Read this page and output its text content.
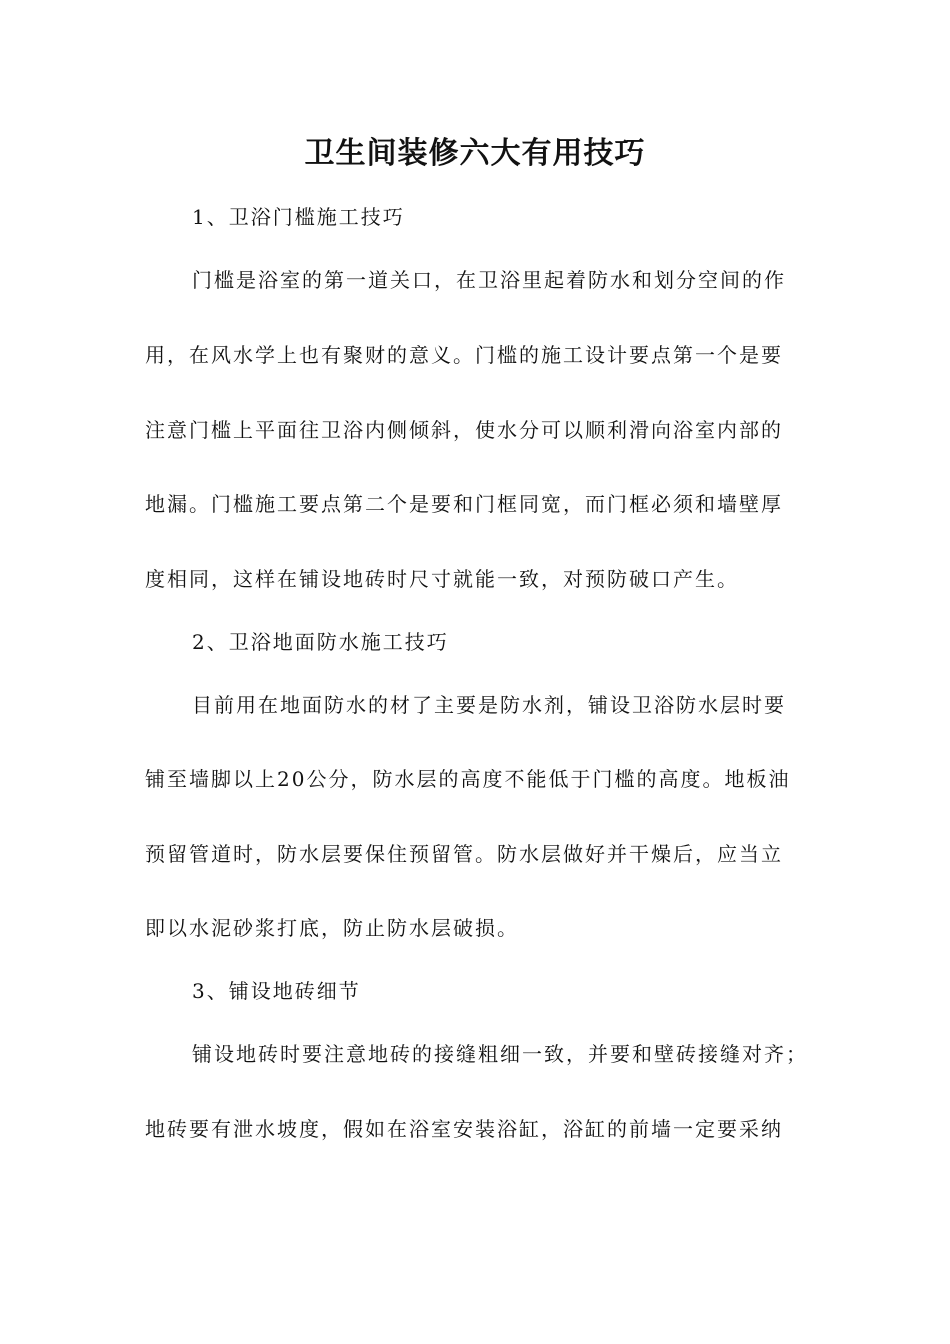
卫生间装修六大有用技巧
1、卫浴门槛施工技巧
门槛是浴室的第一道关口，在卫浴里起着防水和划分空间的作
用，在风水学上也有聚财的意义。门槛的施工设计要点第一个是要
注意门槛上平面往卫浴内侧倾斜，使水分可以顺利滑向浴室内部的
地漏。门槛施工要点第二个是要和门框同宽，而门框必须和墙壁厚
度相同，这样在铺设地砖时尺寸就能一致，对预防破口产生。
2、卫浴地面防水施工技巧
目前用在地面防水的材了主要是防水剂，铺设卫浴防水层时要
铺至墙脚以上20公分，防水层的高度不能低于门槛的高度。地板油
预留管道时，防水层要保住预留管。防水层做好并干燥后，应当立
即以水泥砂浆打底，防止防水层破损。
3、铺设地砖细节
铺设地砖时要注意地砖的接缝粗细一致，并要和壁砖接缝对齐；
地砖要有泄水坡度，假如在浴室安装浴缸，浴缸的前墙一定要采纳
